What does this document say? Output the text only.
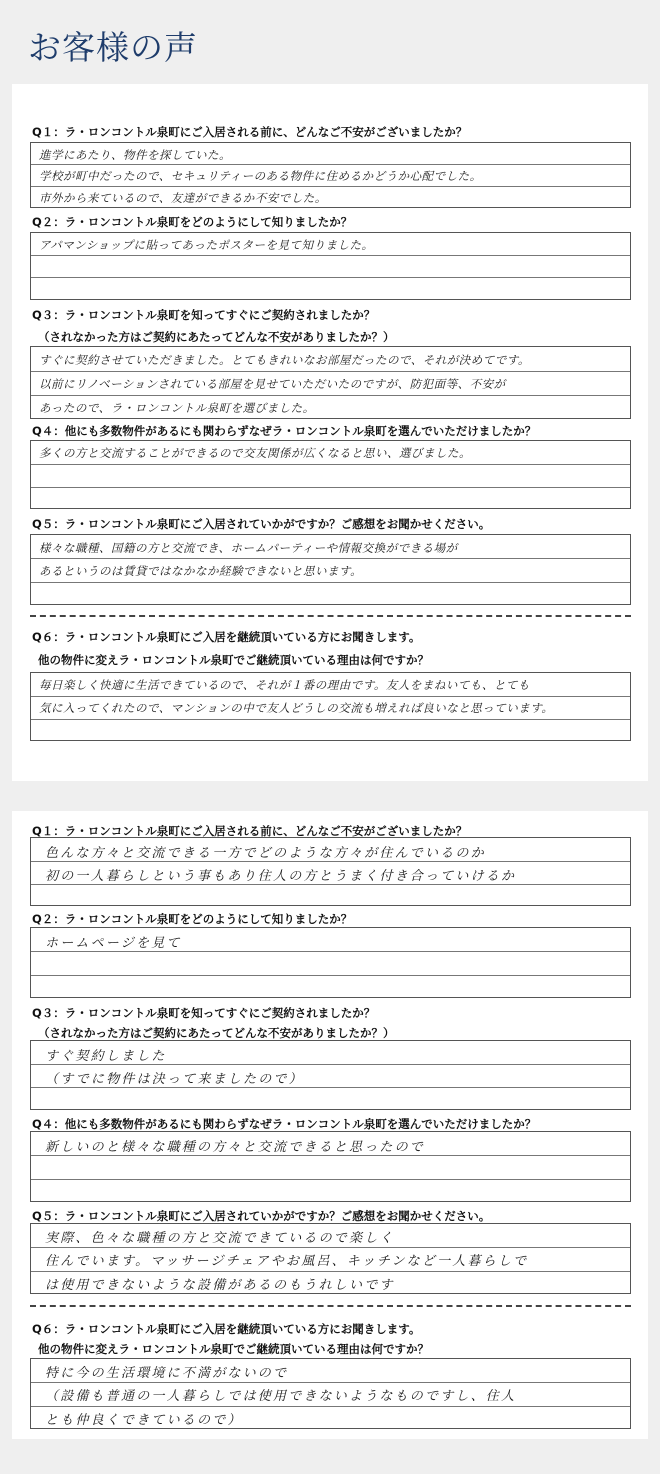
お客様の声
Q１：ラ・ロンコントル泉町にご入居される前に、どんなご不安がございましたか？
進学にあたり、物件を探していた。
学校が町中だったので、セキュリティーのある物件に住めるかどうか心配でした。
市外から来ているので、友達ができるか不安でした。
Q２：ラ・ロンコントル泉町をどのようにして知りましたか？
アパマンショップに貼ってあったポスターを見て知りました。
Q３：ラ・ロンコントル泉町を知ってすぐにご契約されましたか？
（されなかった方はご契約にあたってどんな不安がありましたか？）
すぐに契約させていただきました。とてもきれいなお部屋だったので、それが決めてです。
以前にリノベーションされている部屋を見せていただいたのですが、防犯面等、不安が
あったので、ラ・ロンコントル泉町を選びました。
Q４：他にも多数物件があるにも関わらずなぜラ・ロンコントル泉町を選んでいただけましたか？
多くの方と交流することができるので交友関係が広くなると思い、選びました。
Q５：ラ・ロンコントル泉町にご入居されていかがですか？ご感想をお聞かせください。
様々な職種、国籍の方と交流でき、ホームパーティーや情報交換ができる場が
あるというのは賃貸ではなかなか経験できないと思います。
Q６：ラ・ロンコントル泉町にご入居を継続頂いている方にお聞きします。
他の物件に変えラ・ロンコントル泉町でご継続頂いている理由は何ですか？
毎日楽しく快適に生活できているので、それが１番の理由です。友人をまねいても、とても
気に入ってくれたので、マンションの中で友人どうしの交流も増えれば良いなと思っています。
Q１：ラ・ロンコントル泉町にご入居される前に、どんなご不安がございましたか？
色んな方々と交流できる一方でどのような方々が住んでいるのか
初の一人暮らしという事もあり住人の方とうまく付き合っていけるか
Q２：ラ・ロンコントル泉町をどのようにして知りましたか？
ホームページを見て
Q３：ラ・ロンコントル泉町を知ってすぐにご契約されましたか？
（されなかった方はご契約にあたってどんな不安がありましたか？）
すぐ契約しました
（すでに物件は決って来ましたので）
Q４：他にも多数物件があるにも関わらずなぜラ・ロンコントル泉町を選んでいただけましたか？
新しいのと様々な職種の方々と交流できると思ったので
Q５：ラ・ロンコントル泉町にご入居されていかがですか？ご感想をお聞かせください。
実際、色々な職種の方と交流できているので楽しく
住んでいます。マッサージチェアやお風呂、キッチンなど一人暮らしで
は使用できないような設備があるのもうれしいです
Q６：ラ・ロンコントル泉町にご入居を継続頂いている方にお聞きします。
他の物件に変えラ・ロンコントル泉町でご継続頂いている理由は何ですか？
特に今の生活環境に不満がないので
（設備も普通の一人暮らしでは使用できないようなものですし、住人
とも仲良くできているので）
